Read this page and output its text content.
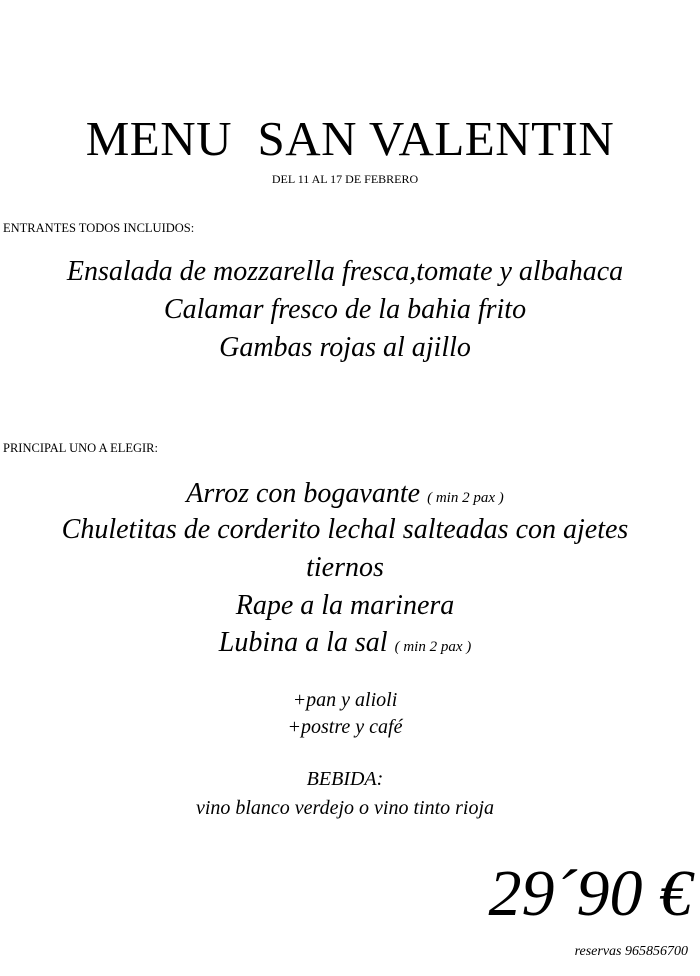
MENU  SAN VALENTIN
DEL 11 AL 17 DE FEBRERO
ENTRANTES TODOS INCLUIDOS:
Ensalada de mozzarella fresca,tomate y albahaca
Calamar fresco de la bahia frito
Gambas rojas al ajillo
PRINCIPAL UNO A ELEGIR:
Arroz con bogavante ( min 2 pax )
Chuletitas de corderito lechal salteadas con ajetes
tiernos
Rape a la marinera
Lubina a la sal ( min 2 pax )
+pan y alioli
+postre y café
BEBIDA:
vino blanco verdejo o vino tinto rioja
29´90 €
reservas 965856700
